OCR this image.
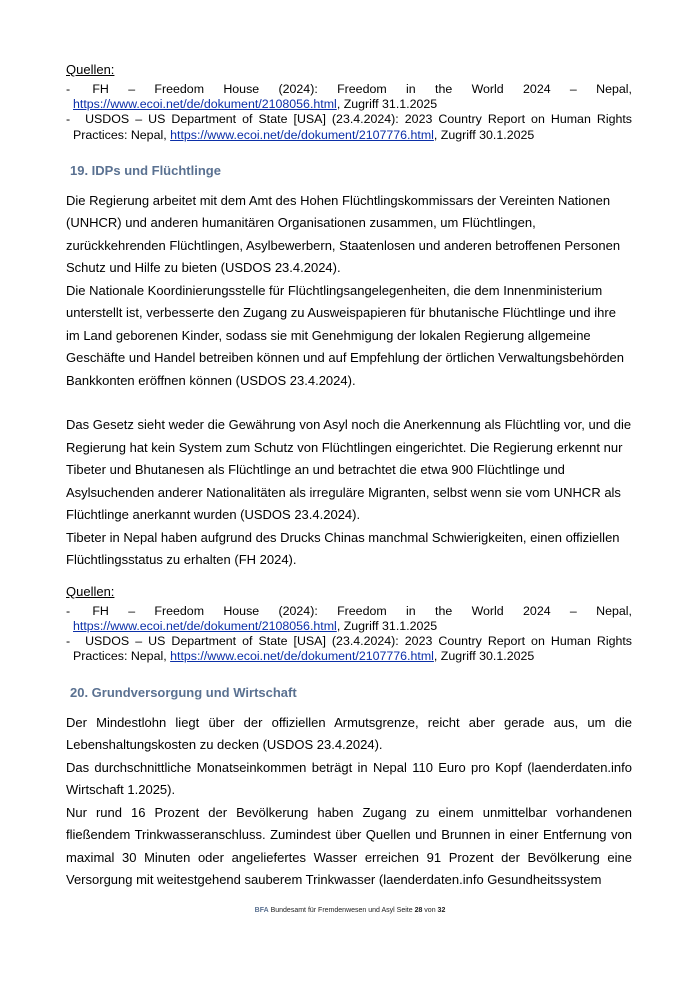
Quellen:
- FH – Freedom House (2024): Freedom in the World 2024 – Nepal, https://www.ecoi.net/de/dokument/2108056.html, Zugriff 31.1.2025
- USDOS – US Department of State [USA] (23.4.2024): 2023 Country Report on Human Rights Practices: Nepal, https://www.ecoi.net/de/dokument/2107776.html, Zugriff 30.1.2025
19. IDPs und Flüchtlinge

Die Regierung arbeitet mit dem Amt des Hohen Flüchtlingskommissars der Vereinten Nationen (UNHCR) und anderen humanitären Organisationen zusammen, um Flüchtlingen, zurückkehrenden Flüchtlingen, Asylbewerbern, Staatenlosen und anderen betroffenen Personen Schutz und Hilfe zu bieten (USDOS 23.4.2024).

Die Nationale Koordinierungsstelle für Flüchtlingsangelegenheiten, die dem Innenministerium unterstellt ist, verbesserte den Zugang zu Ausweispapieren für bhutanische Flüchtlinge und ihre im Land geborenen Kinder, sodass sie mit Genehmigung der lokalen Regierung allgemeine Geschäfte und Handel betreiben können und auf Empfehlung der örtlichen Verwaltungsbehörden Bankkonten eröffnen können (USDOS 23.4.2024).

Das Gesetz sieht weder die Gewährung von Asyl noch die Anerkennung als Flüchtling vor, und die Regierung hat kein System zum Schutz von Flüchtlingen eingerichtet. Die Regierung erkennt nur Tibeter und Bhutanesen als Flüchtlinge an und betrachtet die etwa 900 Flüchtlinge und Asylsuchenden anderer Nationalitäten als irreguläre Migranten, selbst wenn sie vom UNHCR als Flüchtlinge anerkannt wurden (USDOS 23.4.2024).

Tibeter in Nepal haben aufgrund des Drucks Chinas manchmal Schwierigkeiten, einen offiziellen Flüchtlingsstatus zu erhalten (FH 2024).

Quellen:
- FH – Freedom House (2024): Freedom in the World 2024 – Nepal, https://www.ecoi.net/de/dokument/2108056.html, Zugriff 31.1.2025
- USDOS – US Department of State [USA] (23.4.2024): 2023 Country Report on Human Rights Practices: Nepal, https://www.ecoi.net/de/dokument/2107776.html, Zugriff 30.1.2025
20. Grundversorgung und Wirtschaft

Der Mindestlohn liegt über der offiziellen Armutsgrenze, reicht aber gerade aus, um die Lebenshaltungskosten zu decken (USDOS 23.4.2024).

Das durchschnittliche Monatseinkommen beträgt in Nepal 110 Euro pro Kopf (laenderdaten.info Wirtschaft 1.2025).

Nur rund 16 Prozent der Bevölkerung haben Zugang zu einem unmittelbar vorhandenen fließendem Trinkwasseranschluss. Zumindest über Quellen und Brunnen in einer Entfernung von maximal 30 Minuten oder angeliefertes Wasser erreichen 91 Prozent der Bevölkerung eine Versorgung mit weitestgehend sauberem Trinkwasser (laenderdaten.info Gesundheitssystem

BFA Bundesamt für Fremdenwesen und Asyl Seite 28 von 32
